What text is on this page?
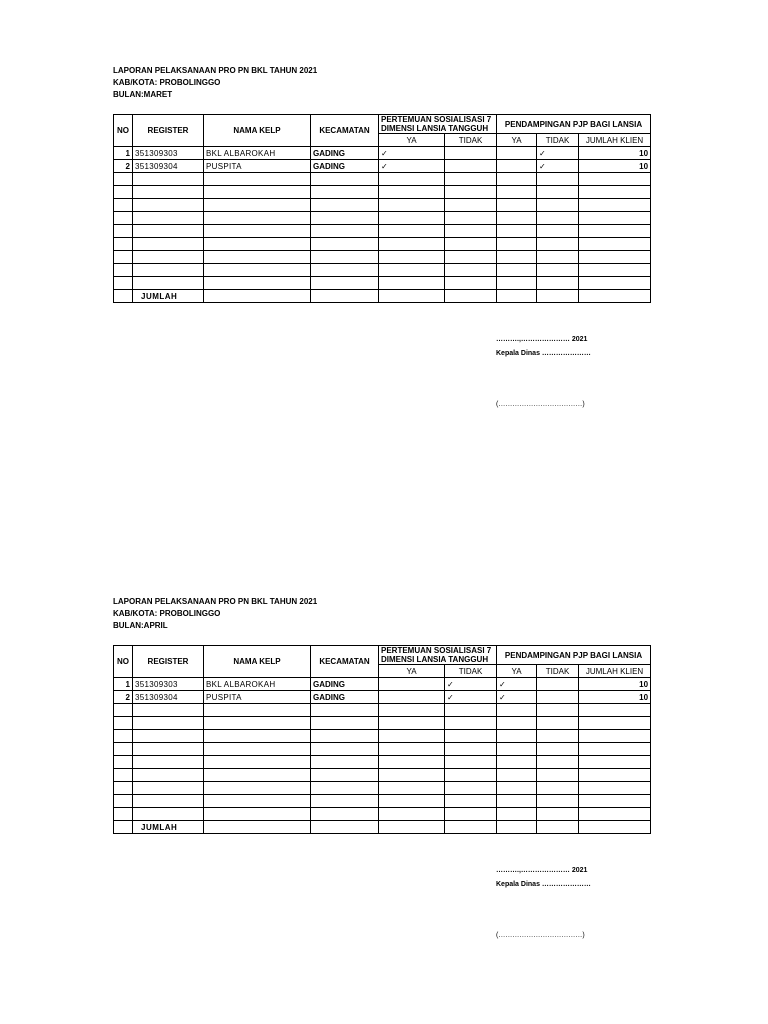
LAPORAN PELAKSANAAN PRO PN BKL TAHUN 2021
KAB/KOTA: PROBOLINGGO
BULAN:MARET
NO	REGISTER	NAMA KELP	KECAMATAN	PERTEMUAN SOSIALISASI 7 DIMENSI LANSIA TANGGUH		PENDAMPINGAN PJP BAGI LANSIA		
				YA	TIDAK	YA	TIDAK	JUMLAH KLIEN
1	351309303	BKL ALBAROKAH	GADING	✓			✓	10
2	351309304	PUSPITA	GADING	✓			✓	10

	JUMLAH							
……….,………………… 2021
Kepala Dinas …………………
(………………………………)
LAPORAN PELAKSANAAN PRO PN BKL TAHUN 2021
KAB/KOTA: PROBOLINGGO
BULAN:APRIL
NO	REGISTER	NAMA KELP	KECAMATAN	PERTEMUAN SOSIALISASI 7 DIMENSI LANSIA TANGGUH		PENDAMPINGAN PJP BAGI LANSIA		
				YA	TIDAK	YA	TIDAK	JUMLAH KLIEN
1	351309303	BKL ALBAROKAH	GADING		✓	✓		10
2	351309304	PUSPITA	GADING		✓	✓		10

	JUMLAH							
……….,………………… 2021
Kepala Dinas …………………
(………………………………)
